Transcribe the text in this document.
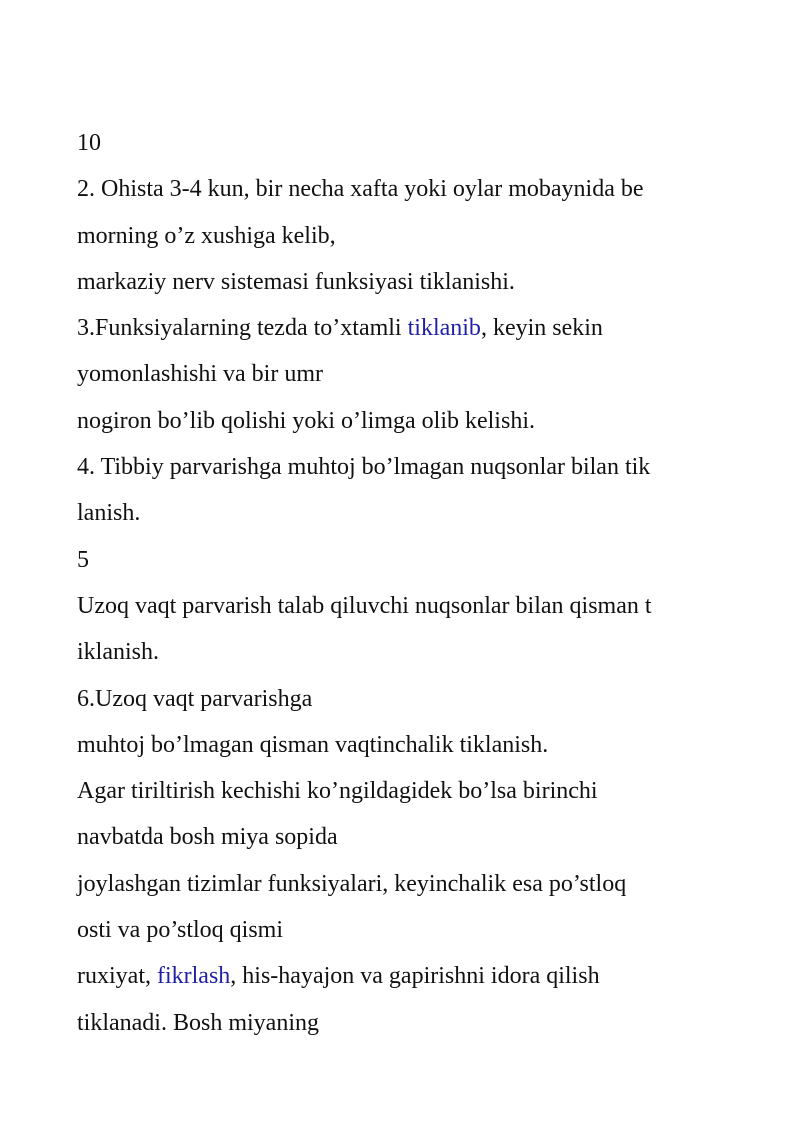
10
2. Ohista 3-4 kun, bir necha xafta yoki oylar mobaynida be
morning o’z xushiga kelib,
markaziy nerv sistemasi funksiyasi tiklanishi.
3.Funksiyalarning tezda to’xtamli tiklanib, keyin sekin
yomonlashishi va bir umr
nogiron bo’lib qolishi yoki o’limga olib kelishi.
4. Tibbiy parvarishga muhtoj bo’lmagan nuqsonlar bilan tik
lanish.
5
Uzoq vaqt parvarish talab qiluvchi nuqsonlar bilan qisman t
iklanish.
6.Uzoq vaqt parvarishga
muhtoj bo’lmagan qisman vaqtinchalik tiklanish.
Agar tiriltirish kechishi ko’ngildagidek bo’lsa birinchi
navbatda bosh miya sopida
joylashgan tizimlar funksiyalari, keyinchalik esa po’stloq
osti va po’stloq qismi
ruxiyat, fikrlash, his-hayajon va gapirishni idora qilish
tiklanadi. Bosh miyaning
